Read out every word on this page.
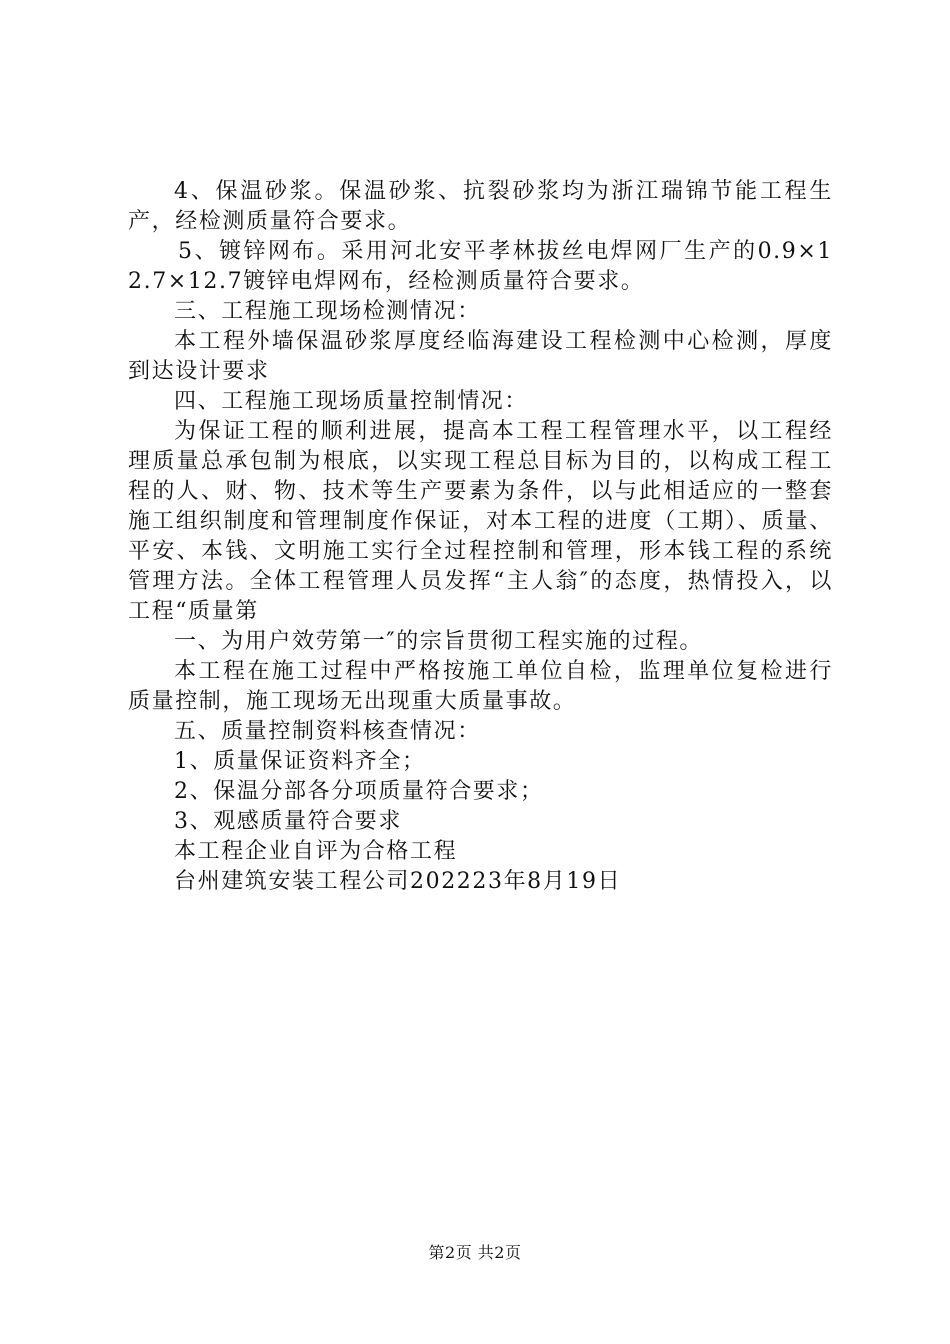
4、保温砂浆。保温砂浆、抗裂砂浆均为浙江瑞锦节能工程生产，经检测质量符合要求。

5、镀锌网布。采用河北安平孝林拔丝电焊网厂生产的0.9×12.7×12.7镀锌电焊网布，经检测质量符合要求。

三、工程施工现场检测情况：

本工程外墙保温砂浆厚度经临海建设工程检测中心检测，厚度到达设计要求

四、工程施工现场质量控制情况：

为保证工程的顺利进展，提高本工程工程管理水平，以工程经理质量总承包制为根底，以实现工程总目标为目的，以构成工程工程的人、财、物、技术等生产要素为条件，以与此相适应的一整套施工组织制度和管理制度作保证，对本工程的进度（工期）、质量、平安、本钱、文明施工实行全过程控制和管理，形本钱工程的系统管理方法。全体工程管理人员发挥“主人翁″的态度，热情投入，以工程“质量第

一、为用户效劳第一″的宗旨贯彻工程实施的过程。

本工程在施工过程中严格按施工单位自检，监理单位复检进行质量控制，施工现场无出现重大质量事故。

五、质量控制资料核查情况：

1、质量保证资料齐全；

2、保温分部各分项质量符合要求；

3、观感质量符合要求

本工程企业自评为合格工程

台州建筑安装工程公司202223年8月19日

第2页 共2页
